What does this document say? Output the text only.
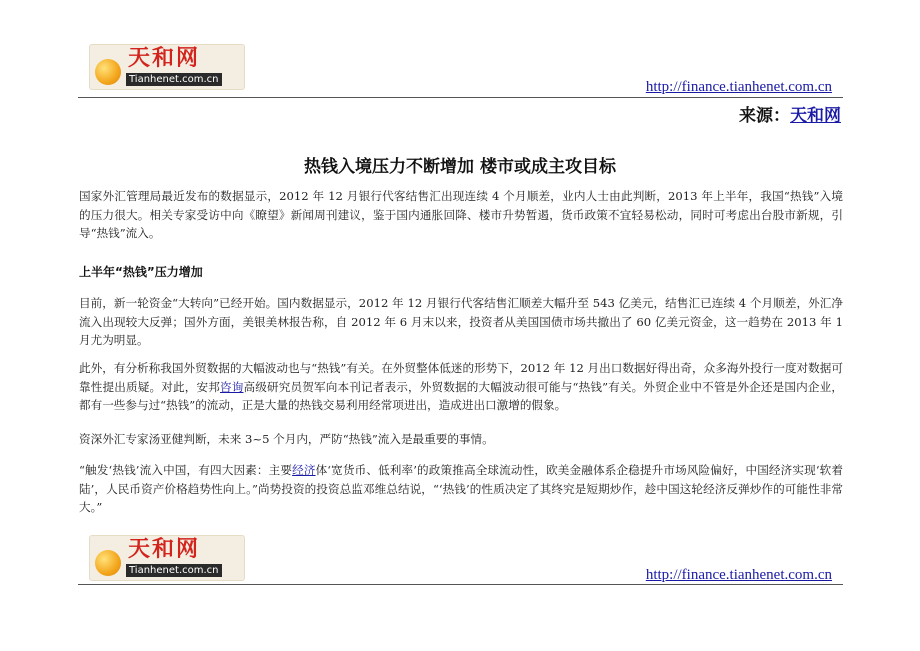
天和网
Tianhenet.com.cn	http://finance.tianhenet.com.cn
来源：天和网
热钱入境压力不断增加 楼市或成主攻目标

国家外汇管理局最近发布的数据显示，2012 年 12 月银行代客结售汇出现连续 4 个月顺差，业内人士由此判断，2013 年上半年，我国“热钱”入境的压力很大。相关专家受访中向《瞭望》新闻周刊建议，鉴于国内通胀回降、楼市升势暂遏，货币政策不宜轻易松动，同时可考虑出台股市新规，引导“热钱”流入。

上半年“热钱”压力增加

目前，新一轮资金“大转向”已经开始。国内数据显示，2012 年 12 月银行代客结售汇顺差大幅升至 543 亿美元，结售汇已连续 4 个月顺差，外汇净流入出现较大反弹；国外方面，美银美林报告称，自 2012 年 6 月末以来，投资者从美国国债市场共撤出了 60 亿美元资金，这一趋势在 2013 年 1 月尤为明显。

此外，有分析称我国外贸数据的大幅波动也与“热钱”有关。在外贸整体低迷的形势下，2012 年 12 月出口数据好得出奇，众多海外投行一度对数据可靠性提出质疑。对此，安邦咨询高级研究员贺军向本刊记者表示，外贸数据的大幅波动很可能与“热钱”有关。外贸企业中不管是外企还是国内企业，都有一些参与过“热钱”的流动，正是大量的热钱交易利用经常项进出，造成进出口激增的假象。

资深外汇专家汤亚健判断，未来 3~5 个月内，严防“热钱”流入是最重要的事情。

“触发‘热钱’流入中国，有四大因素：主要经济体‘宽货币、低利率’的政策推高全球流动性，欧美金融体系企稳提升市场风险偏好，中国经济实现‘软着陆’，人民币资产价格趋势性向上。”尚势投资的投资总监邓维总结说，“‘热钱’的性质决定了其终究是短期炒作，趁中国这轮经济反弹炒作的可能性非常大。”

天和网
Tianhenet.com.cn	http://finance.tianhenet.com.cn
